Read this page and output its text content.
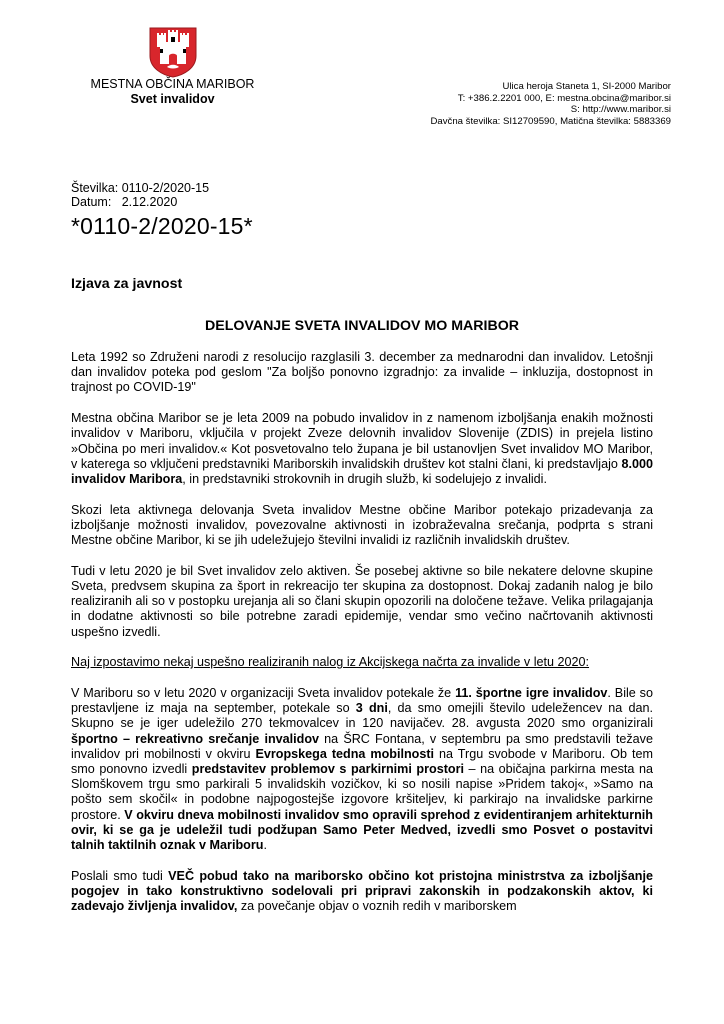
MESTNA OBČINA MARIBOR
Svet invalidov
Ulica heroja Staneta 1, SI-2000 Maribor
T: +386.2.2201 000, E: mestna.obcina@maribor.si
S: http://www.maribor.si
Davčna številka: SI12709590, Matična številka: 5883369
Številka: 0110-2/2020-15
Datum:   2.12.2020
*0110-2/2020-15*
Izjava za javnost
DELOVANJE SVETA INVALIDOV MO MARIBOR

Leta 1992 so Združeni narodi z resolucijo razglasili 3. december za mednarodni dan invalidov. Letošnji dan invalidov poteka pod geslom "Za boljšo ponovno izgradnjo: za invalide – inkluzija, dostopnost in trajnost po COVID-19"

Mestna občina Maribor se je leta 2009 na pobudo invalidov in z namenom izboljšanja enakih možnosti invalidov v Mariboru, vključila v projekt Zveze delovnih invalidov Slovenije (ZDIS) in prejela listino »Občina po meri invalidov.« Kot posvetovalno telo župana je bil ustanovljen Svet invalidov MO Maribor, v katerega so vključeni predstavniki Mariborskih invalidskih društev kot stalni člani, ki predstavljajo 8.000 invalidov Maribora, in predstavniki strokovnih in drugih služb, ki sodelujejo z invalidi.

Skozi leta aktivnega delovanja Sveta invalidov Mestne občine Maribor potekajo prizadevanja za izboljšanje možnosti invalidov, povezovalne aktivnosti in izobraževalna srečanja, podprta s strani Mestne občine Maribor, ki se jih udeležujejo številni invalidi iz različnih invalidskih društev.

Tudi v letu 2020 je bil Svet invalidov zelo aktiven. Še posebej aktivne so bile nekatere delovne skupine Sveta, predvsem skupina za šport in rekreacijo ter skupina za dostopnost. Dokaj zadanih nalog je bilo realiziranih ali so v postopku urejanja ali so člani skupin opozorili na določene težave. Velika prilagajanja in dodatne aktivnosti so bile potrebne zaradi epidemije, vendar smo večino načrtovanih aktivnosti uspešno izvedli.

Naj izpostavimo nekaj uspešno realiziranih nalog iz Akcijskega načrta za invalide v letu 2020:

V Mariboru so v letu 2020 v organizaciji Sveta invalidov potekale že 11. športne igre invalidov. Bile so prestavljene iz maja na september, potekale so 3 dni, da smo omejili število udeležencev na dan. Skupno se je iger udeležilo 270 tekmovalcev in 120 navijačev. 28. avgusta 2020 smo organizirali športno – rekreativno srečanje invalidov na ŠRC Fontana, v septembru pa smo predstavili težave invalidov pri mobilnosti v okviru Evropskega tedna mobilnosti na Trgu svobode v Mariboru. Ob tem smo ponovno izvedli predstavitev problemov s parkirnimi prostori – na običajna parkirna mesta na Slomškovem trgu smo parkirali 5 invalidskih vozičkov, ki so nosili napise »Pridem takoj«, »Samo na pošto sem skočil« in podobne najpogostejše izgovore kršiteljev, ki parkirajo na invalidske parkirne prostore. V okviru dneva mobilnosti invalidov smo opravili sprehod z evidentiranjem arhitekturnih ovir, ki se ga je udeležil tudi podžupan Samo Peter Medved, izvedli smo Posvet o postavitvi talnih taktilnih oznak v Mariboru.

Poslali smo tudi VEČ pobud tako na mariborsko občino kot pristojna ministrstva za izboljšanje pogojev in tako konstruktivno sodelovali pri pripravi zakonskih in podzakonskih aktov, ki zadevajo življenja invalidov, za povečanje objav o voznih redih v mariborskem
